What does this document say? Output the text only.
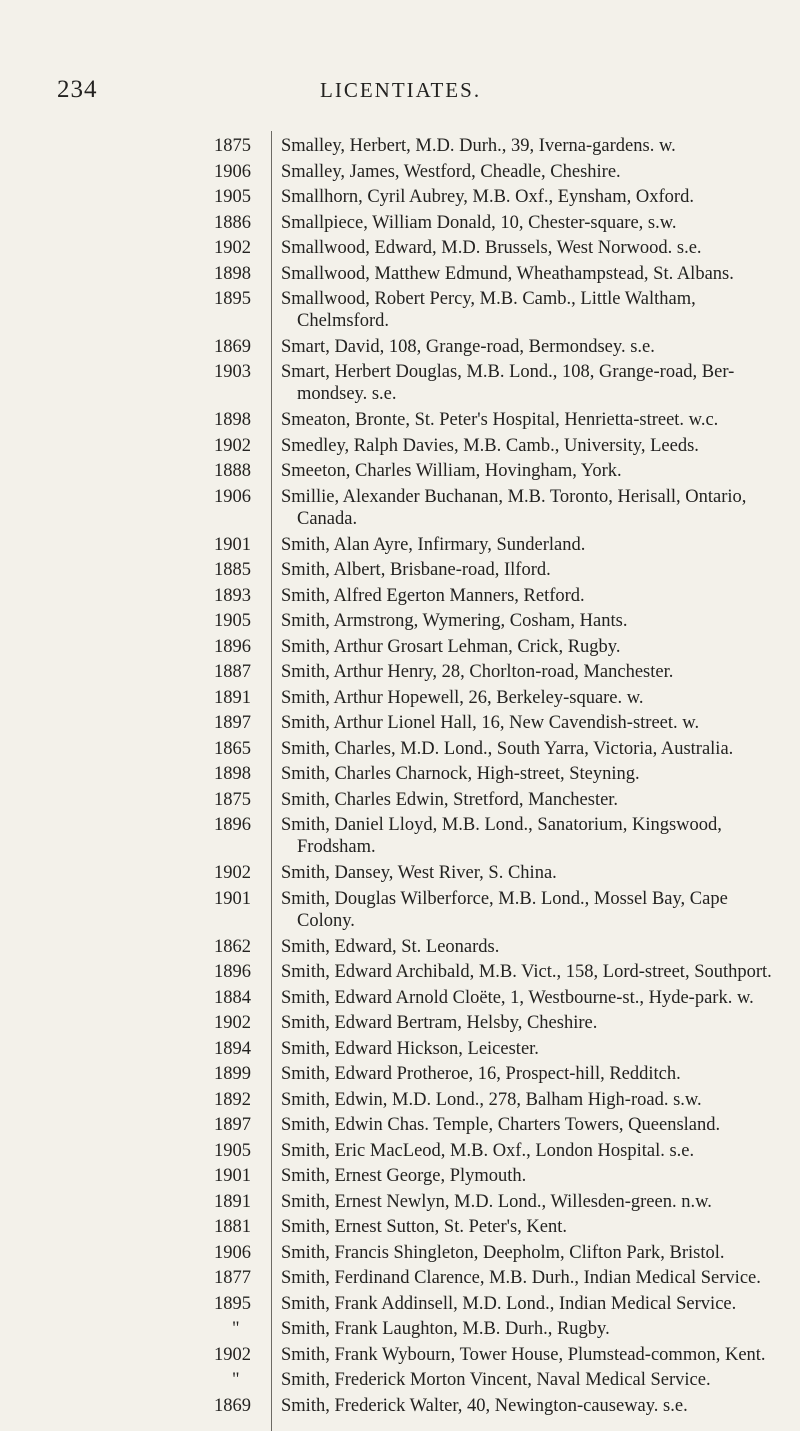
234	LICENTIATES.
1875	Smalley, Herbert, M.D. Durh., 39, Iverna-gardens. w.
1906	Smalley, James, Westford, Cheadle, Cheshire.
1905	Smallhorn, Cyril Aubrey, M.B. Oxf., Eynsham, Oxford.
1886	Smallpiece, William Donald, 10, Chester-square, s.w.
1902	Smallwood, Edward, M.D. Brussels, West Norwood. s.e.
1898	Smallwood, Matthew Edmund, Wheathampstead, St. Albans.
1895	Smallwood, Robert Percy, M.B. Camb., Little Waltham,
Chelmsford.
1869	Smart, David, 108, Grange-road, Bermondsey. s.e.
1903	Smart, Herbert Douglas, M.B. Lond., 108, Grange-road, Ber-
mondsey. s.e.
1898	Smeaton, Bronte, St. Peter's Hospital, Henrietta-street. w.c.
1902	Smedley, Ralph Davies, M.B. Camb., University, Leeds.
1888	Smeeton, Charles William, Hovingham, York.
1906	Smillie, Alexander Buchanan, M.B. Toronto, Herisall, Ontario,
Canada.
1901	Smith, Alan Ayre, Infirmary, Sunderland.
1885	Smith, Albert, Brisbane-road, Ilford.
1893	Smith, Alfred Egerton Manners, Retford.
1905	Smith, Armstrong, Wymering, Cosham, Hants.
1896	Smith, Arthur Grosart Lehman, Crick, Rugby.
1887	Smith, Arthur Henry, 28, Chorlton-road, Manchester.
1891	Smith, Arthur Hopewell, 26, Berkeley-square. w.
1897	Smith, Arthur Lionel Hall, 16, New Cavendish-street. w.
1865	Smith, Charles, M.D. Lond., South Yarra, Victoria, Australia.
1898	Smith, Charles Charnock, High-street, Steyning.
1875	Smith, Charles Edwin, Stretford, Manchester.
1896	Smith, Daniel Lloyd, M.B. Lond., Sanatorium, Kingswood,
Frodsham.
1902	Smith, Dansey, West River, S. China.
1901	Smith, Douglas Wilberforce, M.B. Lond., Mossel Bay, Cape
Colony.
1862	Smith, Edward, St. Leonards.
1896	Smith, Edward Archibald, M.B. Vict., 158, Lord-street, Southport.
1884	Smith, Edward Arnold Cloëte, 1, Westbourne-st., Hyde-park. w.
1902	Smith, Edward Bertram, Helsby, Cheshire.
1894	Smith, Edward Hickson, Leicester.
1899	Smith, Edward Protheroe, 16, Prospect-hill, Redditch.
1892	Smith, Edwin, M.D. Lond., 278, Balham High-road. s.w.
1897	Smith, Edwin Chas. Temple, Charters Towers, Queensland.
1905	Smith, Eric MacLeod, M.B. Oxf., London Hospital. s.e.
1901	Smith, Ernest George, Plymouth.
1891	Smith, Ernest Newlyn, M.D. Lond., Willesden-green. n.w.
1881	Smith, Ernest Sutton, St. Peter's, Kent.
1906	Smith, Francis Shingleton, Deepholm, Clifton Park, Bristol.
1877	Smith, Ferdinand Clarence, M.B. Durh., Indian Medical Service.
1895	Smith, Frank Addinsell, M.D. Lond., Indian Medical Service.
"	Smith, Frank Laughton, M.B. Durh., Rugby.
1902	Smith, Frank Wybourn, Tower House, Plumstead-common, Kent.
"	Smith, Frederick Morton Vincent, Naval Medical Service.
1869	Smith, Frederick Walter, 40, Newington-causeway. s.e.
